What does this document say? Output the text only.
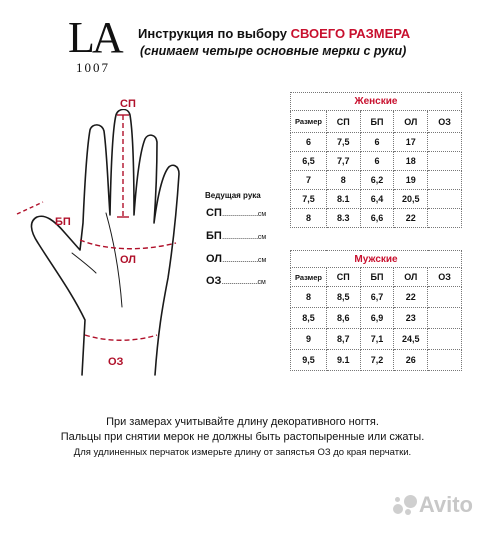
LA
1007
Инструкция по выбору СВОЕГО РАЗМЕРА
(снимаем четыре основные мерки с руки)
СП
БП
ОЛ
ОЗ
Ведущая рука
СП..................см
БП..................см
ОЛ..................см
ОЗ..................см
Женские				
Размер	СП	БП	ОЛ	ОЗ
6	7,5	6	17	
6,5	7,7	6	18	
7	8	6,2	19	
7,5	8.1	6,4	20,5	
8	8.3	6,6	22	
Мужские				
Размер	СП	БП	ОЛ	ОЗ
8	8,5	6,7	22	
8,5	8,6	6,9	23	
9	8,7	7,1	24,5	
9,5	9.1	7,2	26	
При замерах учитывайте длину декоративного ногтя.
Пальцы при снятии мерок не должны быть растопыренные или сжаты.
Для удлиненных перчаток измерьте длину от запястья ОЗ до края перчатки.
Avito
